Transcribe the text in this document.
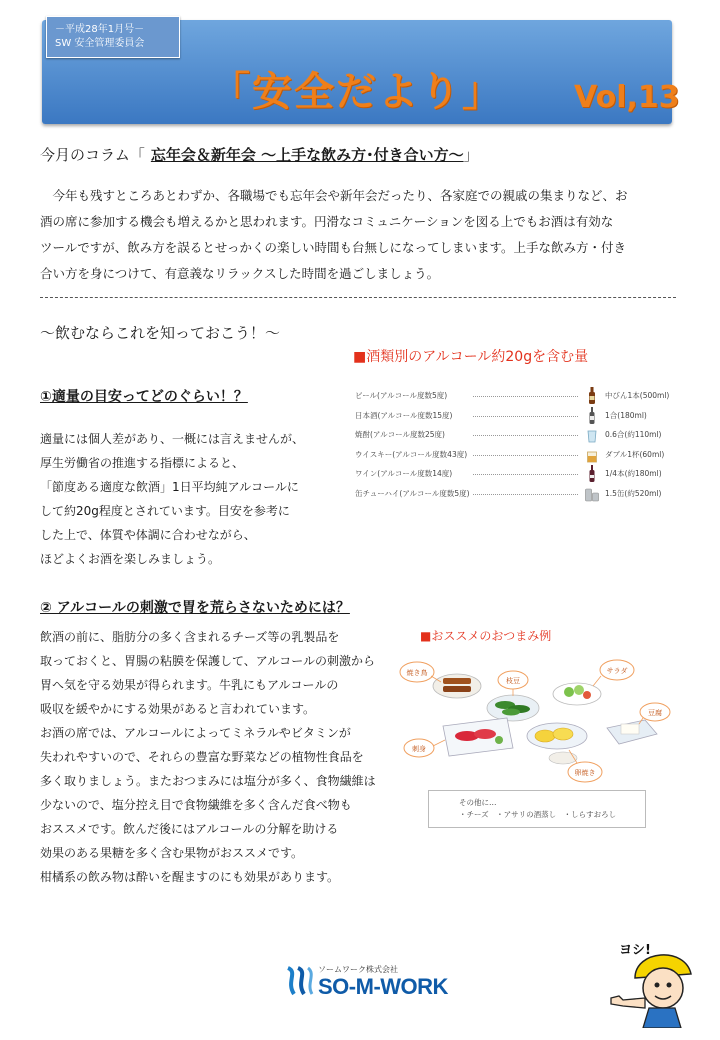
－平成28年1月号－
SW 安全管理委員会
「安全だより」 Vol,13
今月のコラム「 忘年会＆新年会 ～上手な飲み方･付き合い方～」

今年も残すところあとわずか、各職場でも忘年会や新年会だったり、各家庭での親戚の集まりなど、お

酒の席に参加する機会も増えるかと思われます。円滑なコミュニケーションを図る上でもお酒は有効な
ツールですが、飲み方を誤るとせっかくの楽しい時間も台無しになってしまいます。上手な飲み方・付き
合い方を身につけて、有意義なリラックスした時間を過ごしましょう。
～飲むならこれを知っておこう！～
■酒類別のアルコール約20gを含む量
①適量の目安ってどのぐらい！？
適量には個人差があり、一概には言えませんが、
厚生労働省の推進する指標によると、
「節度ある適度な飲酒」1日平均純アルコールに
して約20g程度とされています。目安を参考に
した上で、体質や体調に合わせながら、
ほどよくお酒を楽しみましょう。
ビール(アルコール度数5度)	中びん1本(500ml)
日本酒(アルコール度数15度)	1合(180ml)
焼酎(アルコール度数25度)	0.6合(約110ml)
ウイスキー(アルコール度数43度)	ダブル1杯(60ml)
ワイン(アルコール度数14度)	1/4本(約180ml)
缶チューハイ(アルコール度数5度)	1.5缶(約520ml)
② アルコールの刺激で胃を荒らさないためには？
飲酒の前に、脂肪分の多く含まれるチーズ等の乳製品を
取っておくと、胃腸の粘膜を保護して、アルコールの刺激から
胃へ気を守る効果が得られます。牛乳にもアルコールの
吸収を緩やかにする効果があると言われています。
お酒の席では、アルコールによってミネラルやビタミンが
失われやすいので、それらの豊富な野菜などの植物性食品を
多く取りましょう。またおつまみには塩分が多く、食物繊維は
少ないので、塩分控え目で食物繊維を多く含んだ食べ物も
おススメです。飲んだ後にはアルコールの分解を助ける
効果のある果糖を多く含む果物がおススメです。
柑橘系の飲み物は酔いを醒ますのにも効果があります。
■おススメのおつまみ例
焼き鳥
枝豆
サラダ
豆腐
刺身
卵焼き
その他に…
・チーズ　・アサリの酒蒸し　・しらすおろし
ソームワーク株式会社
SO-M-WORK
ヨシ!
